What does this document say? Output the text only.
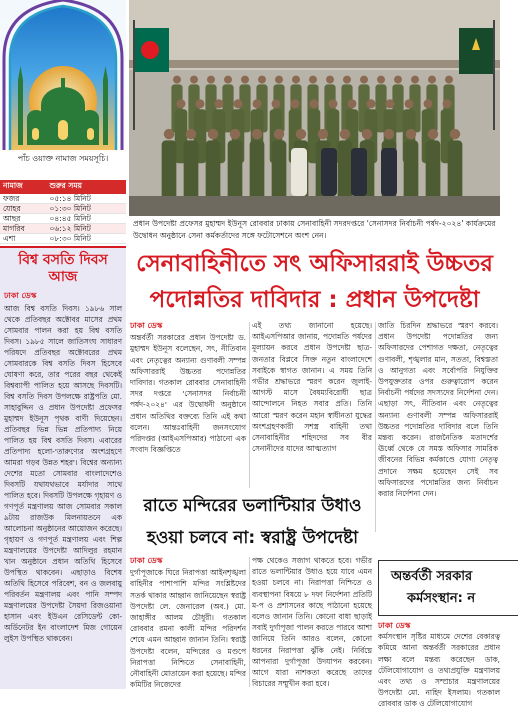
পাঁচ ওয়াক্ত নামাজ সময়সূচি।
নামাজ	শুরুর সময়
ফজর	০৫:১৪ মিনিট
যোহর	০১:৩০ মিনিট
আছর	০৪:৪৫ মিনিট
মাগরিব	০৬:১২ মিনিট
এশা	০৮:৩০ মিনিট
বিশ্ব বসতি দিবস আজ
ঢাকা ডেস্ক
আজ বিশ্ব বসতি দিবস। ১৯৮৬ সাল থেকে প্রতিবছর অক্টোবর মাসের প্রথম সোমবার পালন করা হয় বিশ্ব বসতি দিবস। ১৯৮৫ সালে জাতিসংঘ সাধারণ পরিষদে প্রতিবছর অক্টোবরের প্রথম সোমবারকে বিশ্ব বসতি দিবস হিসেবে ঘোষণা করে, তার পরের বছর থেকেই বিশ্বব্যাপী পালিত হয়ে আসছে দিবসটি। বিশ্ব বসতি দিবস উপলক্ষে রাষ্ট্রপতি মো. সাহাবুদ্দিন ও প্রধান উপদেষ্টা প্রফেসর মুহাম্মদ ইউনূস পৃথক বাণী দিয়েছেন। প্রতিবছর ভিন্ন ভিন্ন প্রতিপাদ্য নিয়ে পালিত হয় বিশ্ব বসতি দিবস। এবারের প্রতিপাদ্য হলো-'তারুণ্যের অংশগ্রহণে আমরা গড়ব উন্নত শহর'। বিশ্বের অন্যান্য দেশের মতো সোমবার বাংলাদেশেও দিবসটি যথাযথভাবে মর্যাদার সাথে পালিত হবে। দিবসটি উপলক্ষে গৃহায়ণ ও গণপূর্ত মন্ত্রণালয় আজ সোমবার সকাল ৯টায় রাজউক মিলনায়তনে এক আলোচনা অনুষ্ঠানের আয়োজন করেছে। গৃহায়ণ ও গণপূর্ত মন্ত্রণালয় এবং শিল্প মন্ত্রণালয়ের উপদেষ্টা আদিলুর রহমান খান অনুষ্ঠানে প্রধান অতিথি হিসেবে উপস্থিত থাকবেন। এছাড়াও বিশেষ অতিথি হিসেবে পরিবেশ, বন ও জলবায়ু পরিবর্তন মন্ত্রণালয় এবং পানি সম্পদ মন্ত্রণালয়ের উপদেষ্টা সৈয়দা রিজওয়ানা হাসান এবং ইউএন রেসিডেন্ট কো-অর্ডিনেটর ইন বাংলাদেশ মিজ গোয়েন লুইস উপস্থিত থাকবেন।
প্রধান উপদেষ্টা প্রফেসর মুহাম্মদ ইউনূস রোববার ঢাকায় সেনাবাহিনী সদরদপ্তরে 'সেনাসদর নির্বাচনী পর্ষদ-২০২৪' কার্যক্রমের উদ্বোধন অনুষ্ঠানে সেনা কর্মকর্তাদের সঙ্গে ফটোসেশনে অংশ নেন।
সেনাবাহিনীতে সৎ অফিসাররাই উচ্চতর
পদোন্নতির দাবিদার : প্রধান উপদেষ্টা
ঢাকা ডেস্ক
অন্তর্বর্তী সরকারের প্রধান উপদেষ্টা ড. মুহাম্মদ ইউনূস বলেছেন, সৎ, নীতিবান এবং নেতৃত্বের অন্যান্য গুণাবলী সম্পন্ন অফিসাররাই উচ্চতর পদোন্নতির দাবিদার। গতকাল রোববার সেনাবাহিনী সদর দপ্তরে 'সেনাসদর নির্বাচনী পর্ষদ-২০২৪' এর উদ্বোধনী অনুষ্ঠানে প্রধান অতিথির বক্তব্যে তিনি এই কথা বলেন। আন্তঃবাহিনী জনসংযোগ পরিদপ্তর (আইএসপিআর) পাঠানো এক সংবাদ বিজ্ঞপ্তিতে
এই তথ্য জানানো হয়েছে। আইএসপিআর জানায়, পদোন্নতি পর্ষদের মূল্যায়ন করবে প্রধান উপদেষ্টা ছাত্র-জনতার বিপ্লবে সিক্ত নতুন বাংলাদেশে সবাইকে স্বাগত জানান। এ সময় তিনি গভীর শ্রদ্ধাভরে স্মরণ করেন জুলাই-আগস্ট মাসে বৈষম্যবিরোধী ছাত্র আন্দোলনে নিহত সবার প্রতি। তিনি আরো স্মরণ করেন মহান স্বাধীনতা যুদ্ধের অংশগ্রহণকারী সশস্ত্র বাহিনী তথা সেনাবাহিনীর শহিদদের সব বীর সেনানীদের যাদের আত্মত্যাগ
জাতি চিরদিন শ্রদ্ধাভরে স্মরণ করবে। প্রধান উপদেষ্টা পদোন্নতির জন্য অফিসারদের পেশাগত দক্ষতা, নেতৃত্বের গুণাবলী, শৃঙ্খলার মান, সততা, বিশ্বস্ততা ও আনুগত্য এবং সর্বোপরি নিযুক্তির উপযুক্ততার ওপর গুরুত্বারোপ করেন নির্বাচনী পর্ষদের সদস্যদের নির্দেশনা দেন। এছাড়া সৎ, নীতিবান এবং নেতৃত্বের অন্যান্য গুণাবলী সম্পন্ন অফিসাররাই উচ্চতর পদোন্নতির দাবিদার বলে তিনি মন্তব্য করেন। রাজনৈতিক মতাদর্শের ঊর্ধ্বে থেকে যে সমস্ত অফিসার সামরিক জীবনের বিভিন্ন কর্মকাণ্ডে যোগ্য নেতৃত্ব প্রদানে সক্ষম হয়েছেন সেই সব অফিসারদের পদোন্নতির জন্য নির্বাচন করার নির্দেশনা দেন।
রাতে মন্দিরের ভলান্টিয়ার উধাও
হওয়া চলবে না: স্বরাষ্ট্র উপদেষ্টা
ঢাকা ডেস্ক
দুর্গাপূজাকে ঘিরে নিরাপত্তা আইনশৃঙ্খলা বাহিনীর পাশাপাশি মন্দির সংশ্লিষ্টদের সতর্ক থাকার আহ্বান জানিয়েছেন স্বরাষ্ট্র উপদেষ্টা লে. জেনারেল (অব.) মো. জাহাঙ্গীর আলম চৌধুরী। গতকাল রোববার রমনা কালী মন্দির পরিদর্শন শেষে এমন আহ্বান জানান তিনি। স্বরাষ্ট্র উপদেষ্টা বলেন, মন্দিরের ও মণ্ডপে নিরাপত্তা নিশ্চিতে সেনাবাহিনী, নৌবাহিনী মোতায়েন করা হয়েছে। মন্দির কমিটির নিজেদের
পক্ষ থেকেও সজাগ থাকতে হবে। গভীর রাতে ভলান্টিয়ার উধাও হয়ে যাবে এমন হওয়া চলবে না। নিরাপত্তা নিশ্চিতে ও ব্যবস্থাপনা বিষয়ে ৮ দফা নির্দেশনা প্রতিটি ম-প ও প্রশাসনের কাছে পাঠানো হয়েছে বলেও জানান তিনি। কোনো বাধা ছাড়াই সবাই দুর্গাপূজা পালন করতে পারবে আশা জানিয়ে তিনি আরও বলেন, কোনো ধরনের নিরাপত্তা ঝুঁকি নেই। নির্বিঘ্নে আপনারা দুর্গাপূজা উদযাপন করবেন। আগে যারা নাশকতা করেছে তাদের বিচারের সম্মুখীন করা হবে।
অন্তর্বর্তী সরকার
কর্মসংস্থান: ন
ঢাকা ডেস্ক
কর্মসংস্থান সৃষ্টির মাধ্যমে দেশের বেকারত্ব কমিয়ে আনা অন্তর্বর্তী সরকারের প্রধান লক্ষ্য বলে মন্তব্য করেছেন ডাক, টেলিযোগাযোগ ও তথ্যপ্রযুক্তি মন্ত্রণালয় এবং তথ্য ও সম্প্রচার মন্ত্রণালয়ের উপদেষ্টা মো. নাহিদ ইসলাম। গতকাল রোববার ডাক ও টেলিযোগাযোগ
